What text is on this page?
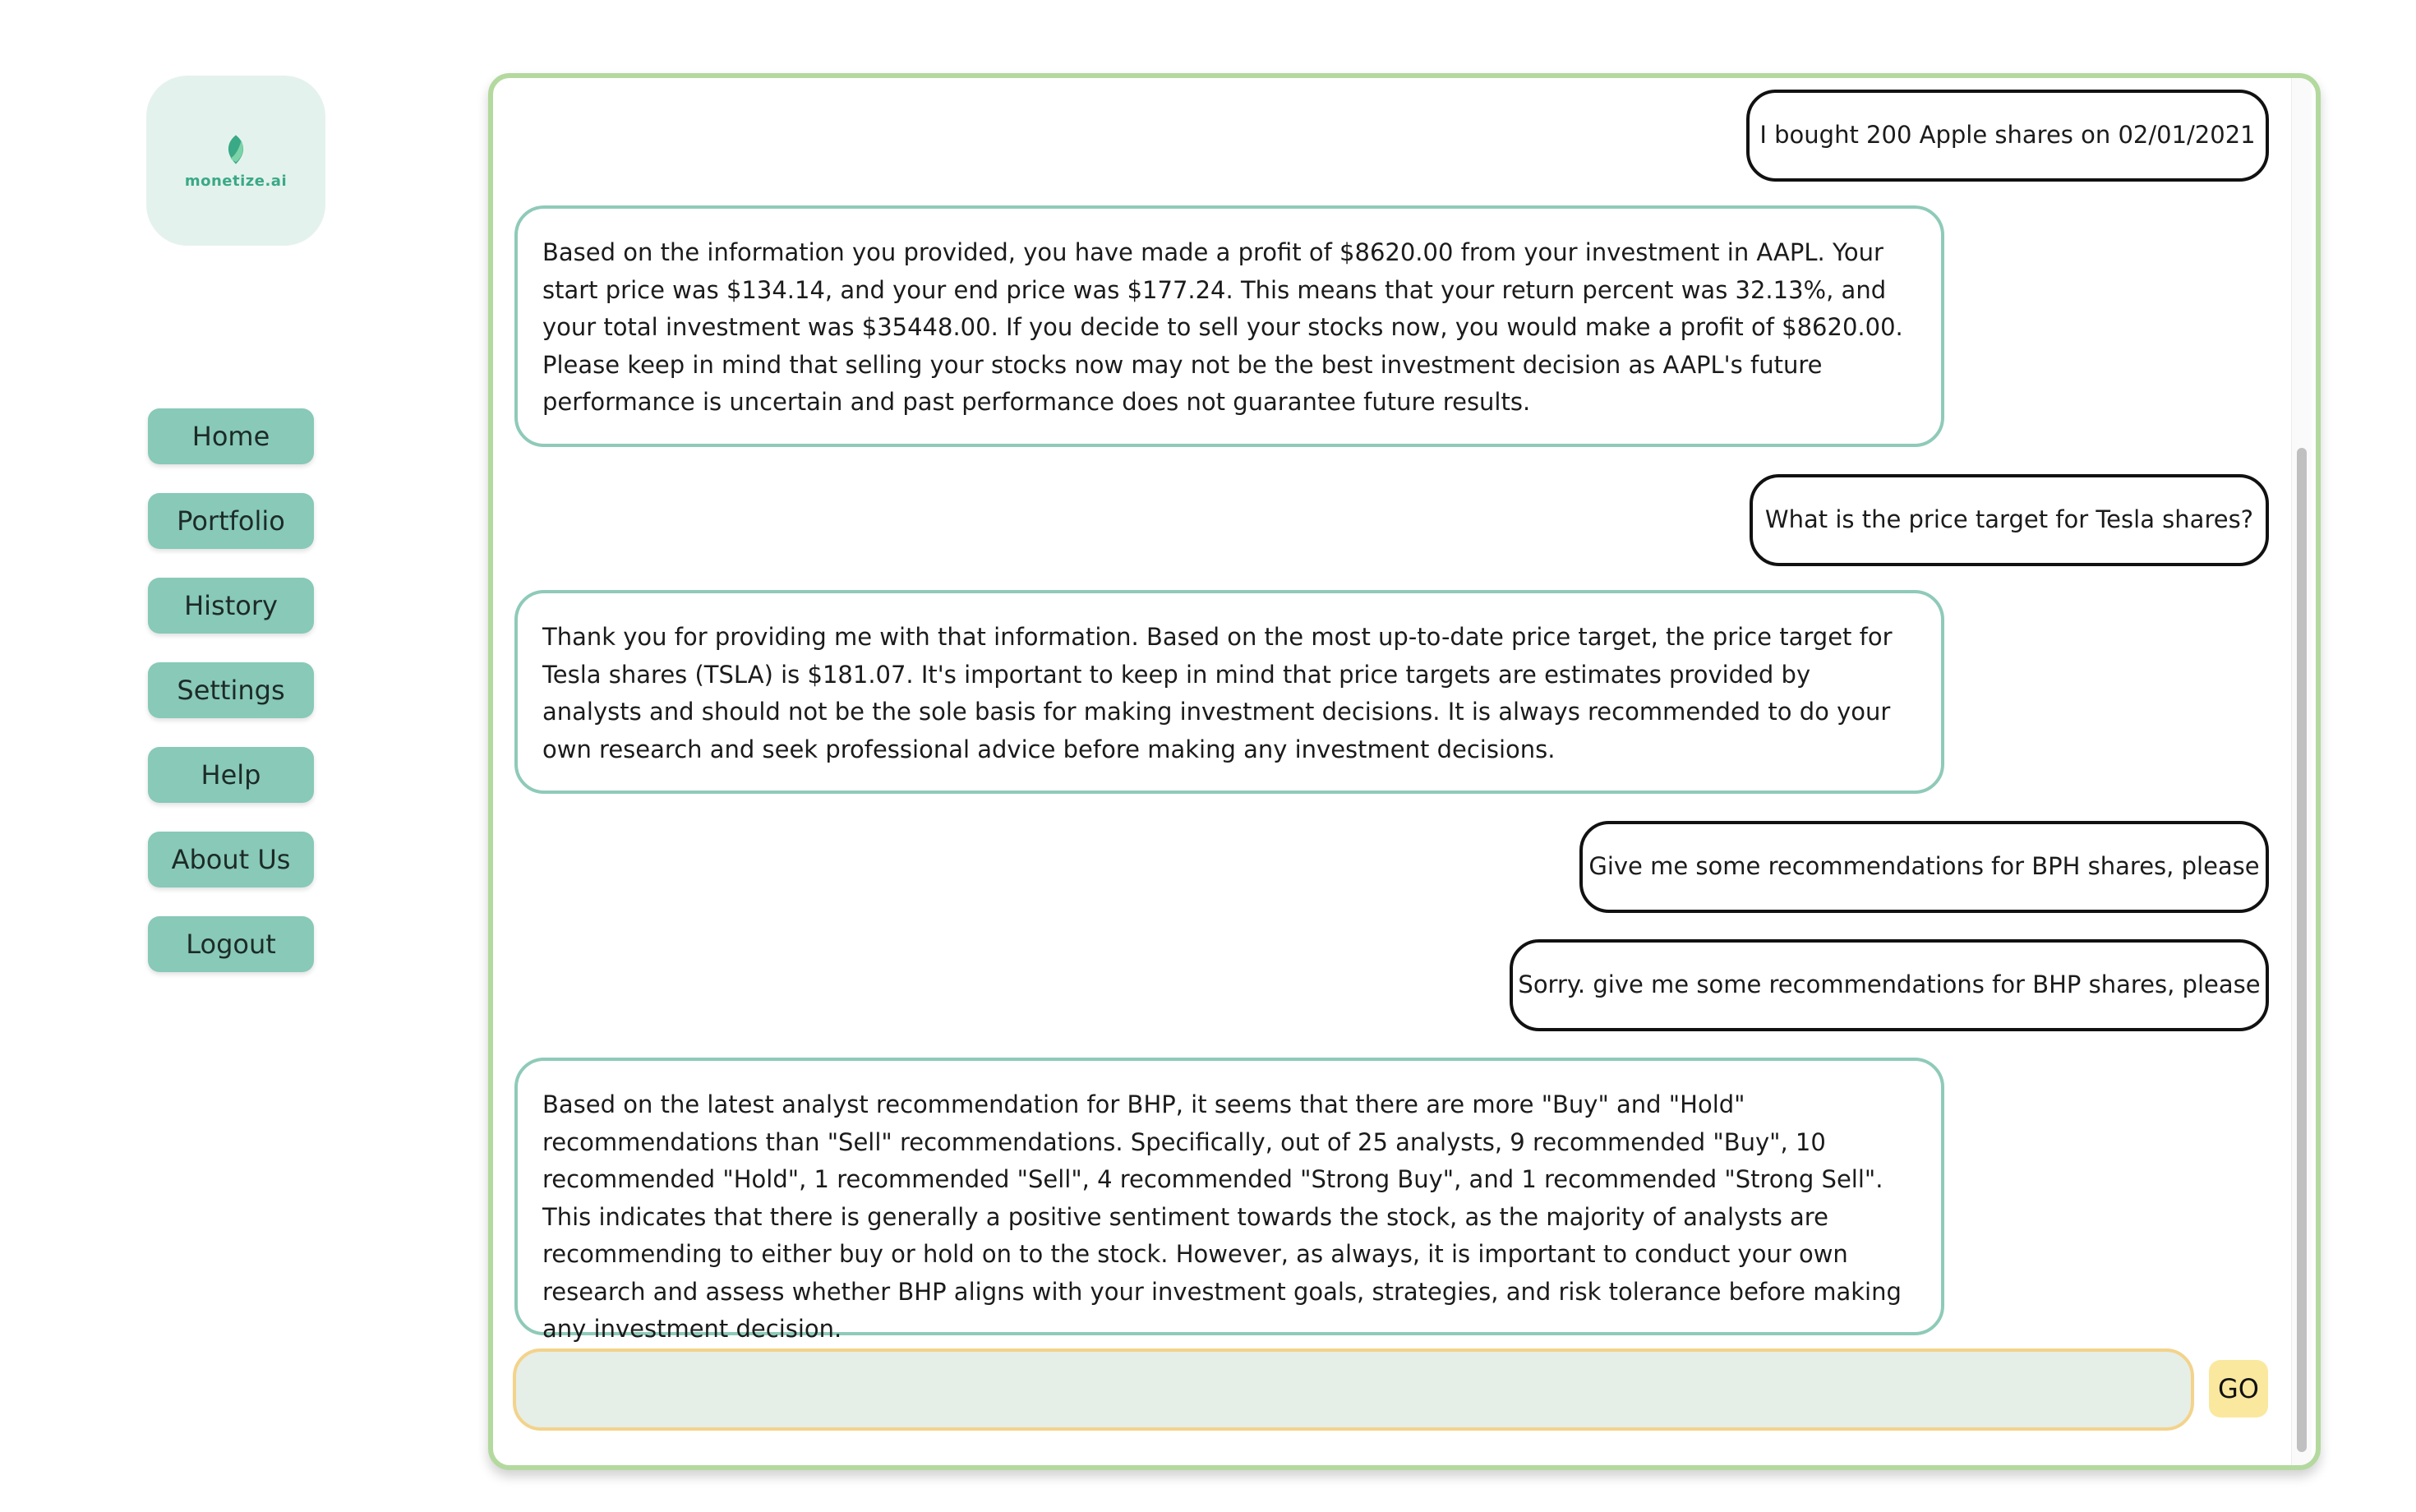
monetize.ai
Home
Portfolio
History
Settings
Help
About Us
Logout
I bought 200 Apple shares on 02/01/2021
Based on the information you provided, you have made a profit of $8620.00 from your investment in AAPL. Your start price was $134.14, and your end price was $177.24. This means that your return percent was 32.13%, and your total investment was $35448.00. If you decide to sell your stocks now, you would make a profit of $8620.00. Please keep in mind that selling your stocks now may not be the best investment decision as AAPL's future performance is uncertain and past performance does not guarantee future results.
What is the price target for Tesla shares?
Thank you for providing me with that information. Based on the most up-to-date price target, the price target for Tesla shares (TSLA) is $181.07. It's important to keep in mind that price targets are estimates provided by analysts and should not be the sole basis for making investment decisions. It is always recommended to do your own research and seek professional advice before making any investment decisions.
Give me some recommendations for BPH shares, please
Sorry. give me some recommendations for BHP shares, please
Based on the latest analyst recommendation for BHP, it seems that there are more "Buy" and "Hold" recommendations than "Sell" recommendations. Specifically, out of 25 analysts, 9 recommended "Buy", 10 recommended "Hold", 1 recommended "Sell", 4 recommended "Strong Buy", and 1 recommended "Strong Sell". This indicates that there is generally a positive sentiment towards the stock, as the majority of analysts are recommending to either buy or hold on to the stock. However, as always, it is important to conduct your own research and assess whether BHP aligns with your investment goals, strategies, and risk tolerance before making any investment decision.
GO
